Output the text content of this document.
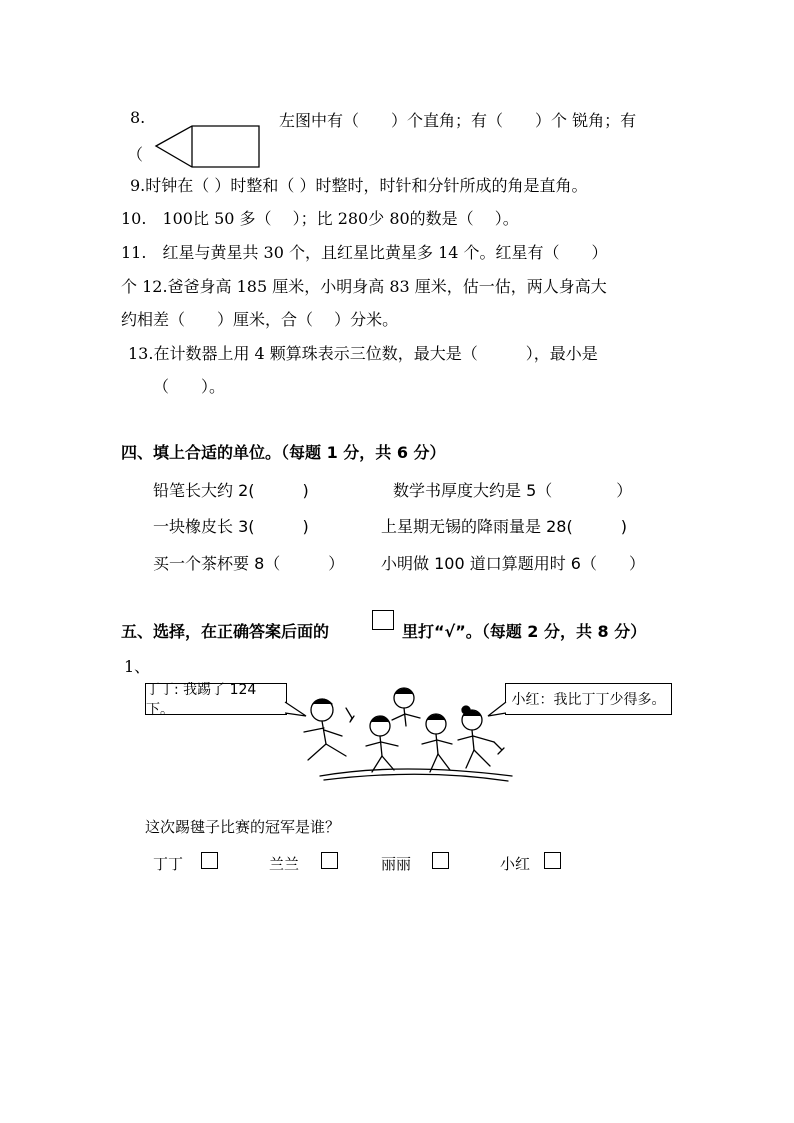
8.	左图中有（　　）个直角；有（　　）个 锐角；有
（
9.时钟在（ ）时整和（ ）时整时，时针和分针所成的角是直角。
10.　100比 50 多（　 ）；比 280少 80的数是（　 ）。
11.　红星与黄星共 30 个，且红星比黄星多 14 个。红星有（　　）
个 12.爸爸身高 185 厘米，小明身高 83 厘米，估一估，两人身高大
约相差（　　）厘米，合（　 ）分米。
13.在计数器上用 4 颗算珠表示三位数，最大是（　　　），最小是
（　　）。
四、填上合适的单位。（每题 1 分，共 6 分）
铅笔长大约 2(　　　)	数学书厚度大约是 5（　　　　）
一块橡皮长 3(　　　)	上星期无锡的降雨量是 28(　　　)
买一个茶杯要 8（　　　） 小明做 100 道口算题用时 6（　　）
五、选择，在正确答案后面的	里打“√”。（每题 2 分，共 8 分）
1、
丁丁: 我踢了 124 下。
小红：我比丁丁少得多。
这次踢毽子比赛的冠军是谁？
丁丁	兰兰	丽丽	小红
